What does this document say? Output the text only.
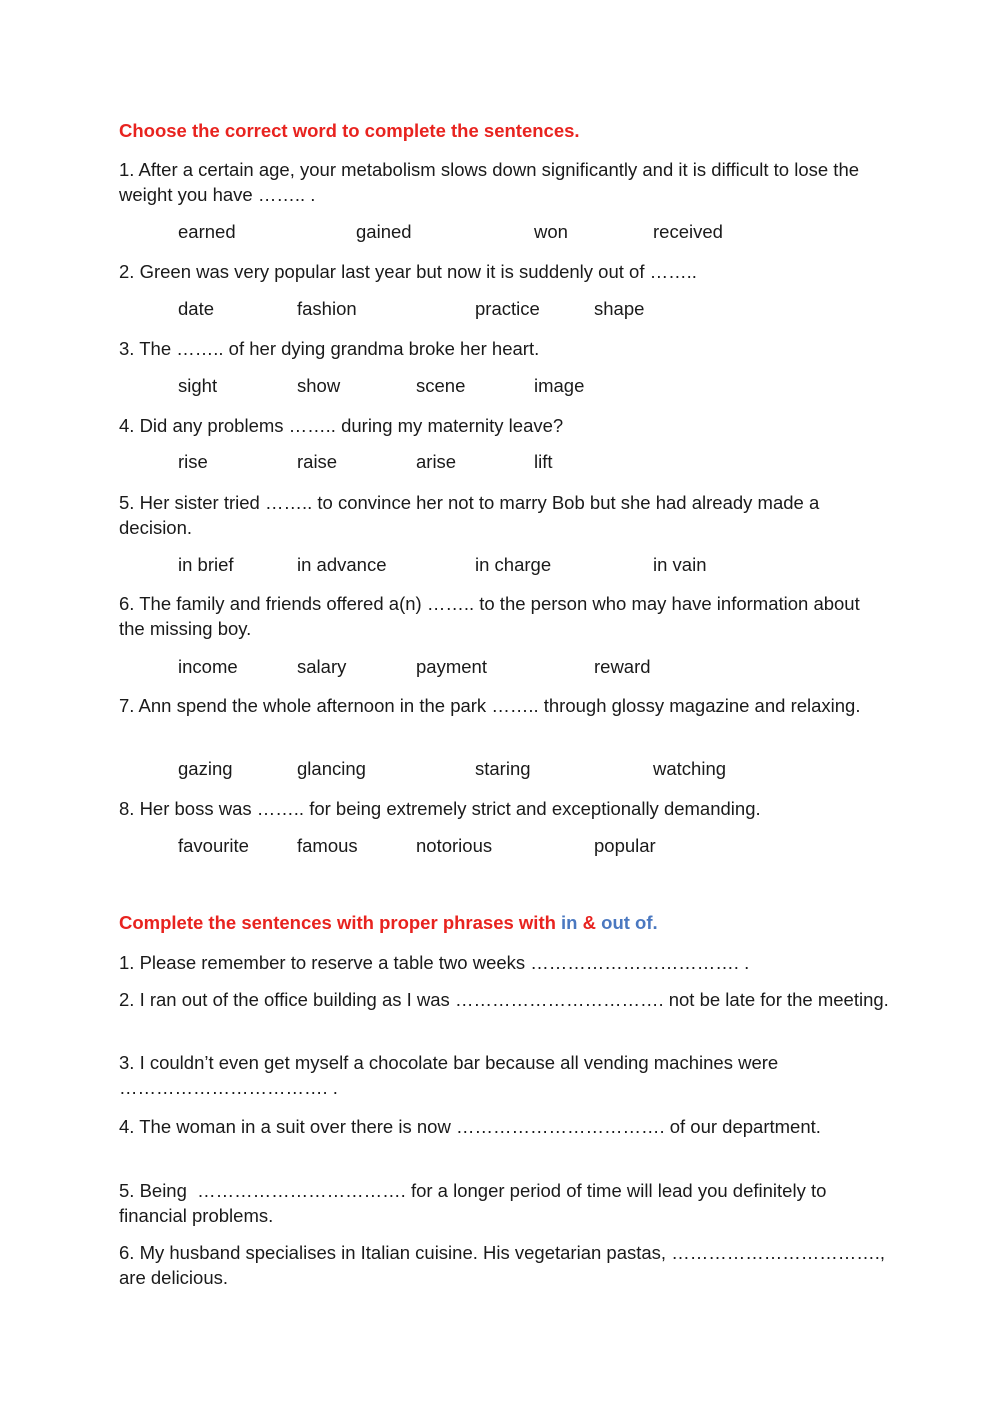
Choose the correct word to complete the sentences.
1. After a certain age, your metabolism slows down significantly and it is difficult to lose the weight you have …….. .
earned	gained	won	received
2. Green was very popular last year but now it is suddenly out of ……..
date	fashion	practice	shape
3. The …….. of her dying grandma broke her heart.
sight	show	scene	image
4. Did any problems …….. during my maternity leave?
rise	raise	arise	lift
5. Her sister tried …….. to convince her not to marry Bob but she had already made a decision.
in brief	in advance	in charge	in vain
6. The family and friends offered a(n) …….. to the person who may have information about the missing boy.
income	salary	payment	reward
7. Ann spend the whole afternoon in the park …….. through glossy magazine and relaxing.
gazing	glancing	staring	watching
8. Her boss was …….. for being extremely strict and exceptionally demanding.
favourite	famous	notorious	popular
Complete the sentences with proper phrases with in & out of.
1. Please remember to reserve a table two weeks ……………………………. .
2. I ran out of the office building as I was ……………………………. not be late for the meeting.
3. I couldn’t even get myself a chocolate bar because all vending machines were ……………………………. .
4. The woman in a suit over there is now ……………………………. of our department.
5. Being  ……………………………. for a longer period of time will lead you definitely to financial problems.
6. My husband specialises in Italian cuisine. His vegetarian pastas, ……………………………., are delicious.
